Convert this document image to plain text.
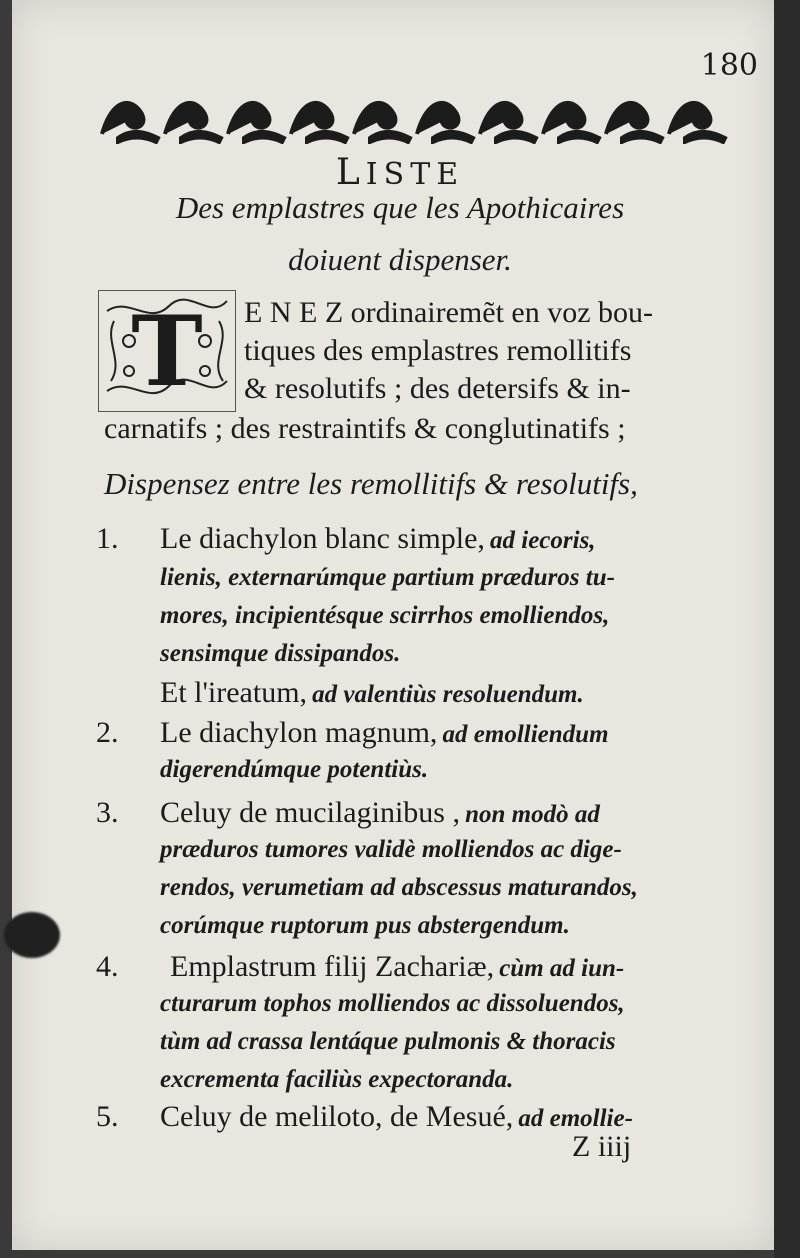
180
LISTE
Des emplastres que les Apothicaires
doiuent dispenser.
T	E N E Z ordinairemẽt en voz bou-
tiques des emplastres remollitifs
& resolutifs ; des detersifs & in-
carnatifs ; des restraintifs & conglutinatifs ;
Dispensez entre les remollitifs & resolutifs,
1. Le diachylon blanc simple, ad iecoris,
lienis, externarúmque partium præduros tu-
mores, incipientésque scirrhos emolliendos,
sensimque dissipandos.
Et l'ireatum, ad valentiùs resoluendum.
2. Le diachylon magnum, ad emolliendum
digerendúmque potentiùs.
3. Celuy de mucilaginibus , non modò ad
præduros tumores validè molliendos ac dige-
rendos, verumetiam ad abscessus maturandos,
corúmque ruptorum pus abstergendum.
4. Emplastrum filij Zachariæ, cùm ad iun-
cturarum tophos molliendos ac dissoluendos,
tùm ad crassa lentáque pulmonis & thoracis
excrementa faciliùs expectoranda.
5. Celuy de meliloto, de Mesué, ad emollie-
Z iiij
